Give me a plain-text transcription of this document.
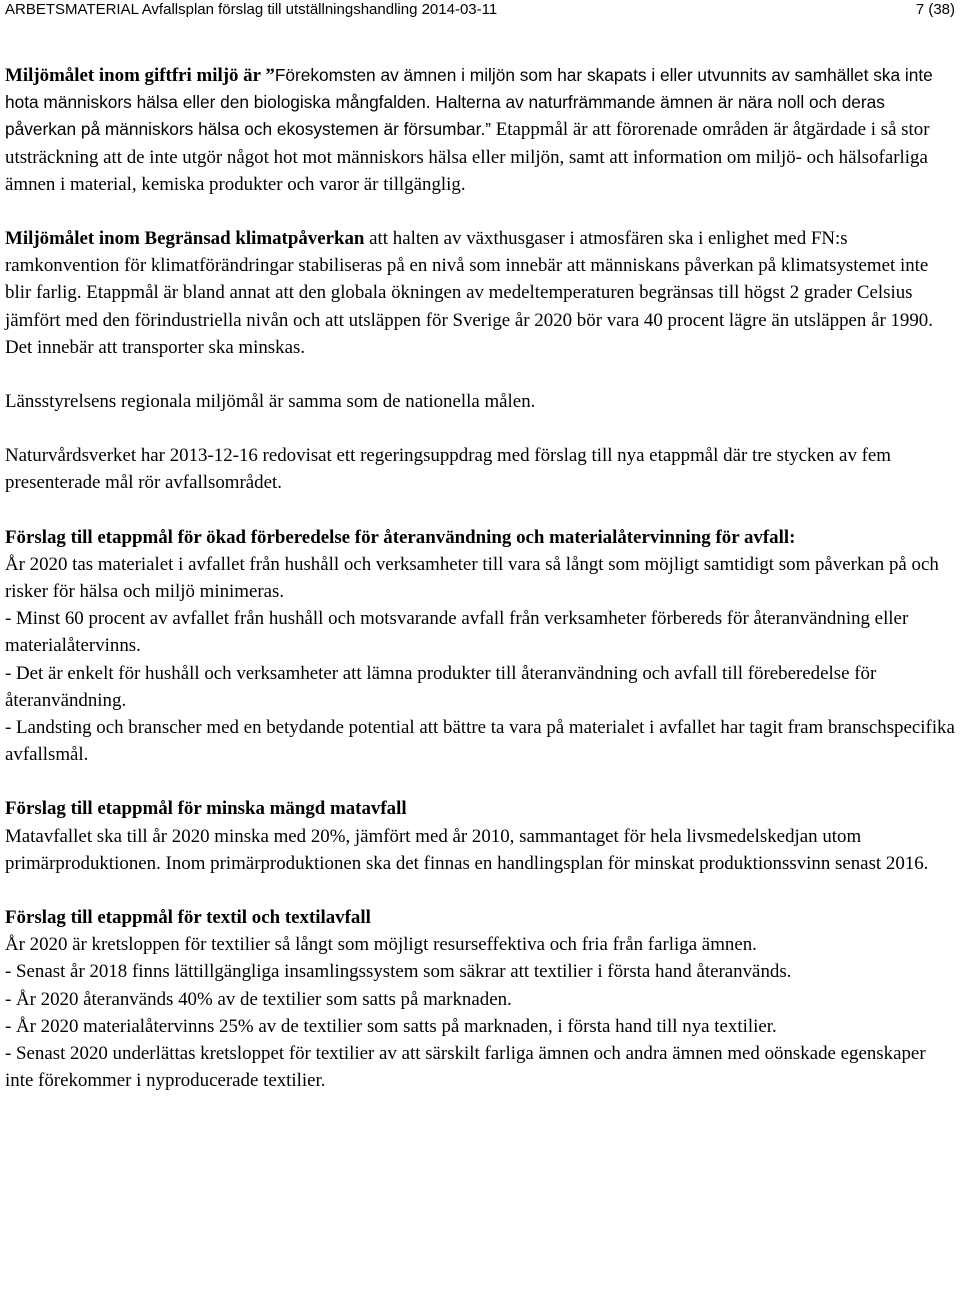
ARBETSMATERIAL Avfallsplan förslag till utställningshandling 2014-03-11	7 (38)

Miljömålet inom giftfri miljö är ”Förekomsten av ämnen i miljön som har skapats i eller utvunnits av samhället ska inte hota människors hälsa eller den biologiska mångfalden. Halterna av naturfrämmande ämnen är nära noll och deras påverkan på människors hälsa och ekosystemen är försumbar.” Etappmål är att förorenade områden är åtgärdade i så stor utsträckning att de inte utgör något hot mot människors hälsa eller miljön, samt att information om miljö- och hälsofarliga ämnen i material, kemiska produkter och varor är tillgänglig.

Miljömålet inom Begränsad klimatpåverkan att halten av växthusgaser i atmosfären ska i enlighet med FN:s ramkonvention för klimatförändringar stabiliseras på en nivå som innebär att människans påverkan på klimatsystemet inte blir farlig. Etappmål är bland annat att den globala ökningen av medeltemperaturen begränsas till högst 2 grader Celsius jämfört med den förindustriella nivån och att utsläppen för Sverige år 2020 bör vara 40 procent lägre än utsläppen år 1990. Det innebär att transporter ska minskas.

Länsstyrelsens regionala miljömål är samma som de nationella målen.

Naturvårdsverket har 2013-12-16 redovisat ett regeringsuppdrag med förslag till nya etappmål där tre stycken av fem presenterade mål rör avfallsområdet.

Förslag till etappmål för ökad förberedelse för återanvändning och materialåtervinning för avfall:

År 2020 tas materialet i avfallet från hushåll och verksamheter till vara så långt som möjligt samtidigt som påverkan på och risker för hälsa och miljö minimeras.

- Minst 60 procent av avfallet från hushåll och motsvarande avfall från verksamheter förbereds för återanvändning eller materialåtervinns.

- Det är enkelt för hushåll och verksamheter att lämna produkter till återanvändning och avfall till föreberedelse för återanvändning.

- Landsting och branscher med en betydande potential att bättre ta vara på materialet i avfallet har tagit fram branschspecifika avfallsmål.

Förslag till etappmål för minska mängd matavfall

Matavfallet ska till år 2020 minska med 20%, jämfört med år 2010, sammantaget för hela livsmedelskedjan utom primärproduktionen. Inom primärproduktionen ska det finnas en handlingsplan för minskat produktionssvinn senast 2016.

Förslag till etappmål för textil och textilavfall

År 2020 är kretsloppen för textilier så långt som möjligt resurseffektiva och fria från farliga ämnen.

- Senast år 2018 finns lättillgängliga insamlingssystem som säkrar att textilier i första hand återanvänds.

- År 2020 återanvänds 40% av de textilier som satts på marknaden.

- År 2020 materialåtervinns 25% av de textilier som satts på marknaden, i första hand till nya textilier.

- Senast 2020 underlättas kretsloppet för textilier av att särskilt farliga ämnen och andra ämnen med oönskade egenskaper inte förekommer i nyproducerade textilier.
